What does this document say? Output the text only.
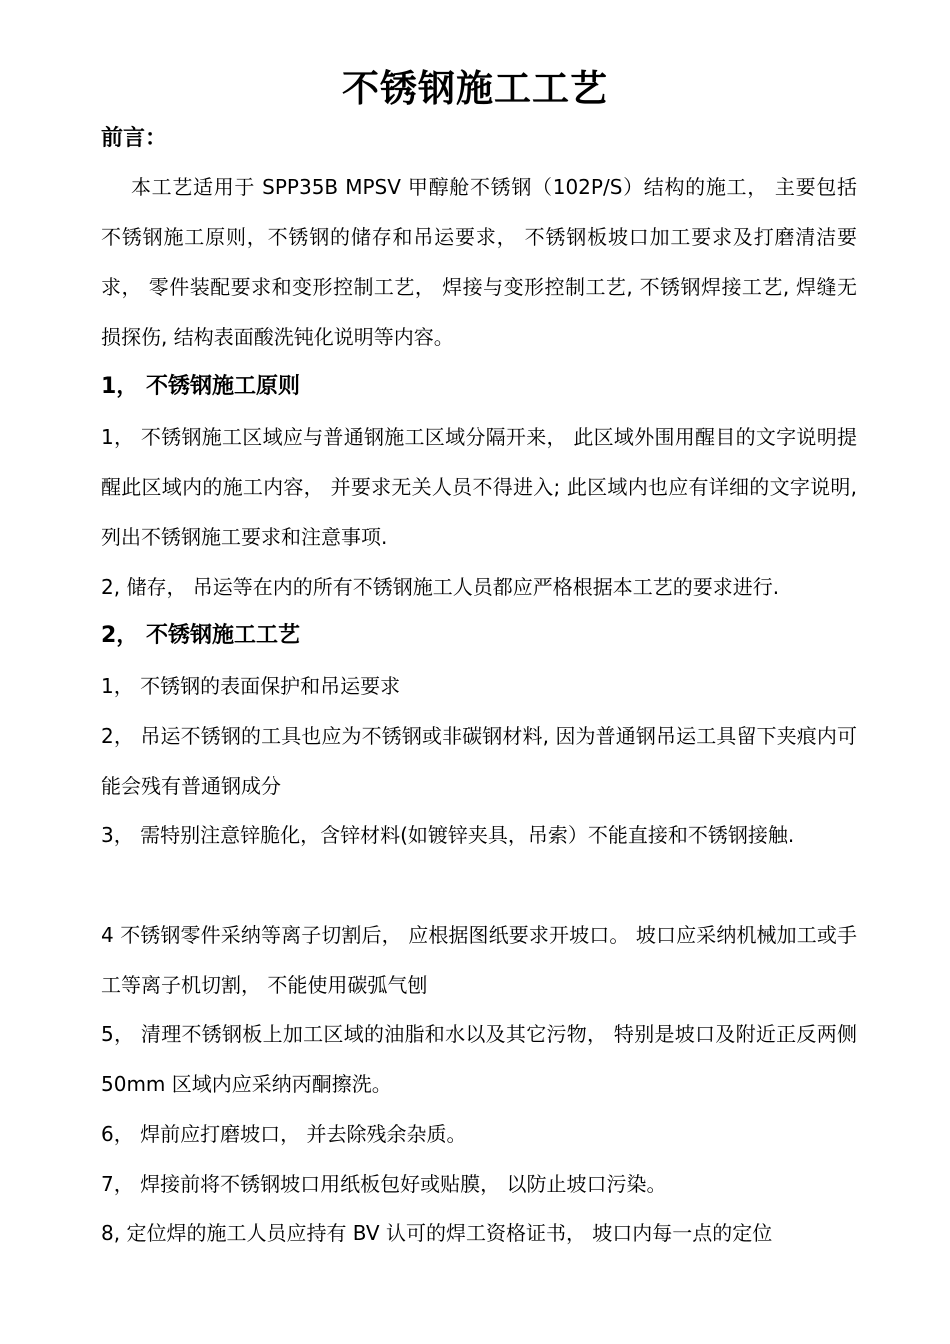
不锈钢施工工艺
前言：
本工艺适用于 SPP35B MPSV 甲醇舱不锈钢（102P/S）结构的施工， 主要包括不锈钢施工原则，不锈钢的储存和吊运要求， 不锈钢板坡口加工要求及打磨清洁要求， 零件装配要求和变形控制工艺， 焊接与变形控制工艺, 不锈钢焊接工艺, 焊缝无损探伤, 结构表面酸洗钝化说明等内容。
1， 不锈钢施工原则
1， 不锈钢施工区域应与普通钢施工区域分隔开来， 此区域外围用醒目的文字说明提醒此区域内的施工内容， 并要求无关人员不得进入; 此区域内也应有详细的文字说明, 列出不锈钢施工要求和注意事项.
2, 储存， 吊运等在内的所有不锈钢施工人员都应严格根据本工艺的要求进行.
2， 不锈钢施工工艺
1， 不锈钢的表面保护和吊运要求
2， 吊运不锈钢的工具也应为不锈钢或非碳钢材料, 因为普通钢吊运工具留下夹痕内可能会残有普通钢成分
3， 需特别注意锌脆化，含锌材料(如镀锌夹具，吊索）不能直接和不锈钢接触.
4 不锈钢零件采纳等离子切割后， 应根据图纸要求开坡口。 坡口应采纳机械加工或手工等离子机切割， 不能使用碳弧气刨
5， 清理不锈钢板上加工区域的油脂和水以及其它污物， 特别是坡口及附近正反两侧 50mm 区域内应采纳丙酮擦洗。
6， 焊前应打磨坡口， 并去除残余杂质。
7， 焊接前将不锈钢坡口用纸板包好或贴膜， 以防止坡口污染。
8, 定位焊的施工人员应持有 BV 认可的焊工资格证书， 坡口内每一点的定位
